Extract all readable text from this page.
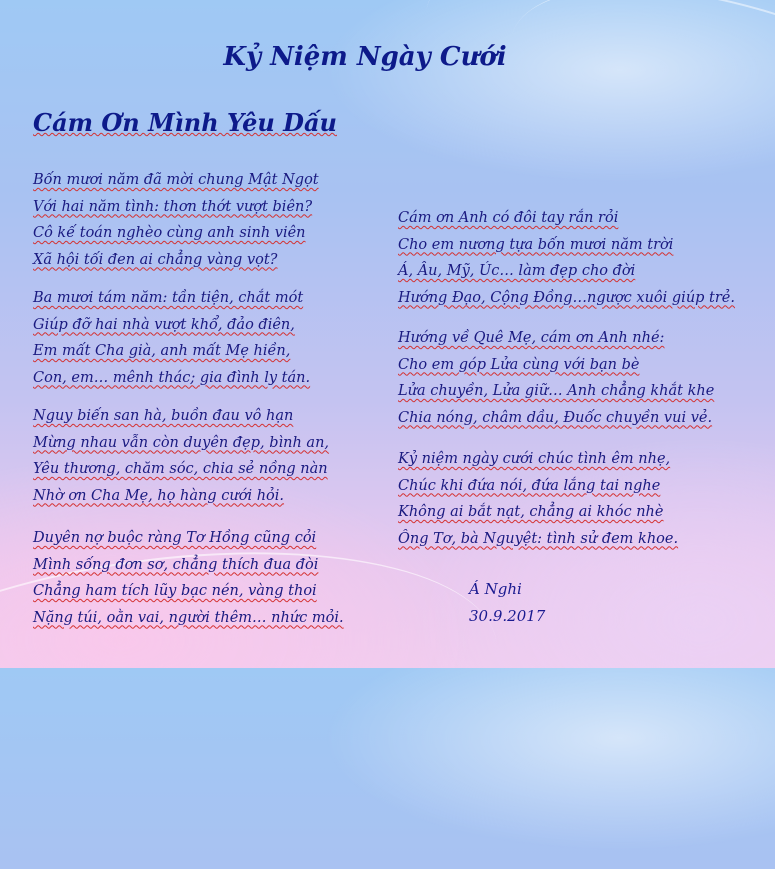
Kỷ Niệm Ngày Cưới
Cám Ơn Mình Yêu Dấu
Bốn mươi năm đã mời chung Mật Ngọt
Với hai năm tình: thơn thớt vượt biên?
Cô kế toán nghèo cùng anh sinh viên
Xã hội tối đen ai chẳng vàng vọt?
Ba mươi tám năm: tần tiện, chắt mót
Giúp đỡ hai nhà vượt khổ, đảo điên,
Em mất Cha già, anh mất Mẹ hiền,
Con, em… mênh thác; gia đình ly tán.
Nguy biến san hà, buồn đau vô hạn
Mừng nhau vẫn còn duyên đẹp, bình an,
Yêu thương, chăm sóc, chia sẻ nồng nàn
Nhờ ơn Cha Mẹ, họ hàng cưới hỏi.
Duyên nợ buộc ràng Tơ Hồng cũng cỏi
Mình sống đơn sơ, chẳng thích đua đòi
Chẳng ham tích lũy bạc nén, vàng thoi
Nặng túi, oằn vai, người thêm… nhức mỏi.
Cám ơn Anh có đôi tay rắn rỏi
Cho em nương tựa bốn mươi năm trời
Á, Âu, Mỹ, Úc… làm đẹp cho đời
Hướng Đạo, Cộng Đồng…ngược xuôi giúp trẻ.
Hướng về Quê Mẹ, cám ơn Anh nhé:
Cho em góp Lửa cùng với bạn bè
Lửa chuyền, Lửa giữ… Anh chẳng khắt khe
Chia nóng, châm dầu, Đuốc chuyền vui vẻ.
Kỷ niệm ngày cưới chúc tình êm nhẹ,
Chúc khi đứa nói, đứa lắng tai nghe
Không ai bắt nạt, chẳng ai khóc nhè
Ông Tơ, bà Nguyệt: tình sử đem khoe.
Á Nghi
30.9.2017
